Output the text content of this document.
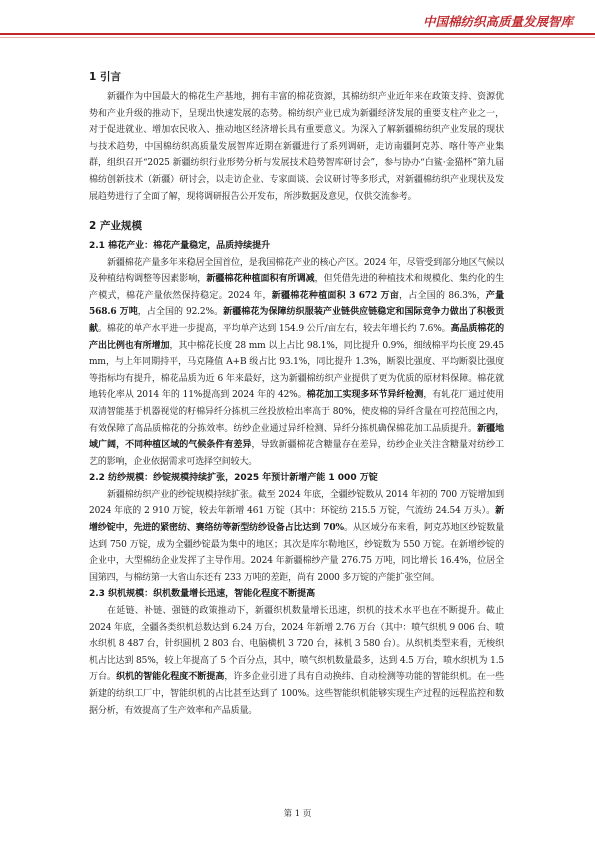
中国棉纺织高质量发展智库
1 引言

新疆作为中国最大的棉花生产基地，拥有丰富的棉花资源，其棉纺织产业近年来在政策支持、资源优势和产业升级的推动下，呈现出快速发展的态势。棉纺织产业已成为新疆经济发展的重要支柱产业之一，对于促进就业、增加农民收入、推动地区经济增长具有重要意义。为深入了解新疆棉纺织产业发展的现状与技术趋势，中国棉纺织高质量发展智库近期在新疆进行了系列调研，走访南疆阿克苏、喀什等产业集群，组织召开“2025 新疆纺织行业形势分析与发展技术趋势智库研讨会”，参与协办“白鲨·金猫杯”第九届棉纺创新技术（新疆）研讨会，以走访企业、专家面谈、会议研讨等多形式，对新疆棉纺织产业现状及发展趋势进行了全面了解，现将调研报告公开发布，所涉数据及意见，仅供交流参考。

2 产业规模
2.1 棉花产业：棉花产量稳定，品质持续提升

新疆棉花产量多年来稳居全国首位，是我国棉花产业的核心产区。2024 年，尽管受到部分地区气候以及种植结构调整等因素影响，新疆棉花种植面积有所调减，但凭借先进的种植技术和规模化、集约化的生产模式，棉花产量依然保持稳定。2024 年，新疆棉花种植面积 3 672 万亩，占全国的 86.3%，产量 568.6 万吨，占全国的 92.2%。新疆棉花为保障纺织服装产业链供应链稳定和国际竞争力做出了积极贡献。棉花的单产水平进一步提高，平均单产达到 154.9 公斤/亩左右，较去年增长约 7.6%。高品质棉花的产出比例也有所增加，其中棉花长度 28 mm 以上占比 98.1%，同比提升 0.9%，细绒棉平均长度 29.45 mm，与上年同期持平，马克隆值 A+B 级占比 93.1%，同比提升 1.3%，断裂比强度、平均断裂比强度等指标均有提升，棉花品质为近 6 年来最好，这为新疆棉纺织产业提供了更为优质的原材料保障。棉花就地转化率从 2014 年的 11%提高到 2024 年的 42%。棉花加工实现多环节异纤检测，有轧花厂通过使用双清智能基于机器视觉的籽棉异纤分拣机三丝投放检出率高于 80%，使皮棉的异纤含量在可控范围之内，有效保障了高品质棉花的分拣效率。纺纱企业通过异纤检测、异纤分拣机确保棉花加工品质提升。新疆地域广阔，不同种植区域的气候条件有差异，导致新疆棉花含糖量存在差异，纺纱企业关注含糖量对纺纱工艺的影响，企业依据需求可选择空间较大。

2.2 纺纱规模：纱锭规模持续扩张，2025 年预计新增产能 1 000 万锭

新疆棉纺织产业的纱锭规模持续扩张。截至 2024 年底，全疆纱锭数从 2014 年初的 700 万锭增加到 2024 年底的 2 910 万锭，较去年新增 461 万锭（其中：环锭纺 215.5 万锭，气流纺 24.54 万头）。新增纱锭中，先进的紧密纺、赛络纺等新型纺纱设备占比达到 70%。从区域分布来看，阿克苏地区纱锭数量达到 750 万锭，成为全疆纱锭最为集中的地区；其次是库尔勒地区，纱锭数为 550 万锭。在新增纱锭的企业中，大型棉纺企业发挥了主导作用。2024 年新疆棉纱产量 276.75 万吨，同比增长 16.4%，位居全国第四，与棉纺第一大省山东还有 233 万吨的差距，尚有 2000 多万锭的产能扩张空间。

2.3 织机规模：织机数量增长迅速，智能化程度不断提高

在延链、补链、强链的政策推动下，新疆织机数量增长迅速，织机的技术水平也在不断提升。截止 2024 年底，全疆各类织机总数达到 6.24 万台，2024 年新增 2.76 万台（其中：喷气织机 9 006 台、喷水织机 8 487 台，针织圆机 2 803 台、电脑横机 3 720 台，袜机 3 580 台）。从织机类型来看，无梭织机占比达到 85%，较上年提高了 5 个百分点，其中，喷气织机数量最多，达到 4.5 万台，喷水织机为 1.5 万台。织机的智能化程度不断提高，许多企业引进了具有自动换纬、自动检测等功能的智能织机。在一些新建的纺织工厂中，智能织机的占比甚至达到了 100%。这些智能织机能够实现生产过程的远程监控和数据分析，有效提高了生产效率和产品质量。

第 1 页
